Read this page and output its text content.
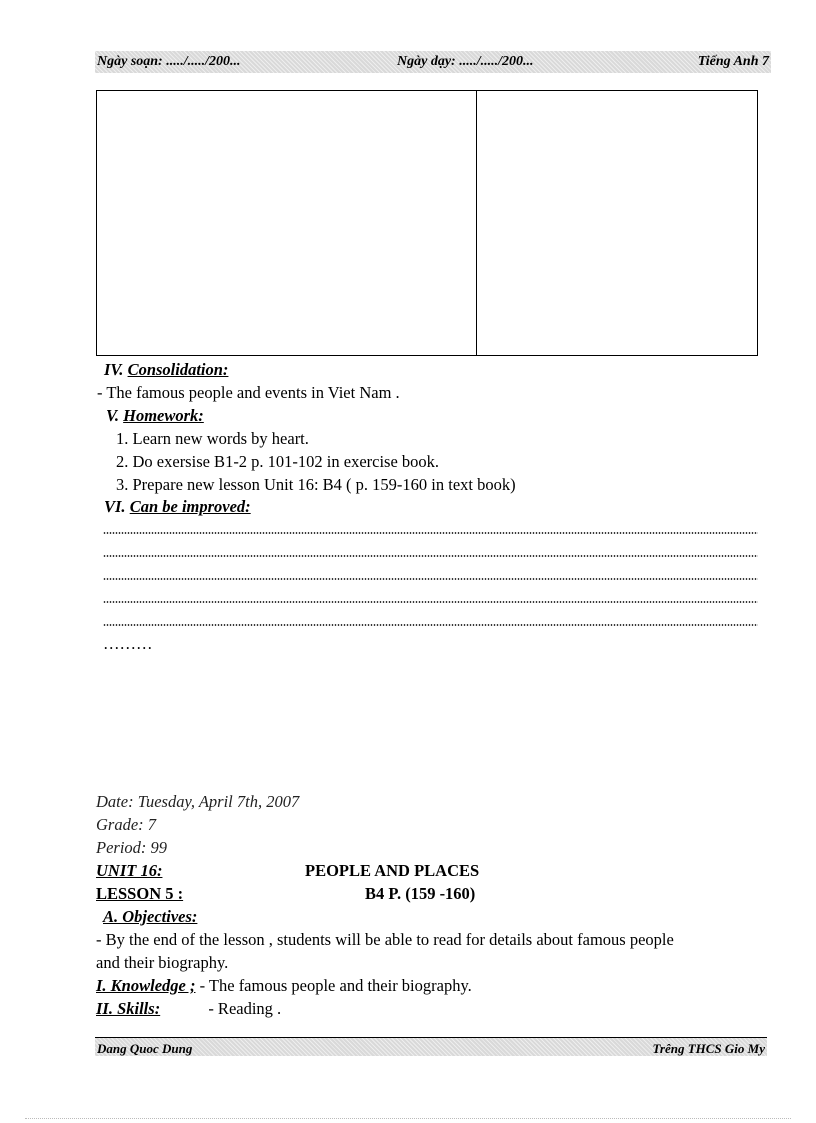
Ngày soạn: ...../...../200...	Ngày dạy: ...../...../200...	Tiếng Anh 7
IV. Consolidation:
- The famous people and events in Viet Nam .
V. Homework:
1. Learn new words by heart.
2. Do exersise B1-2 p. 101-102 in exercise book.
3. Prepare new lesson Unit 16: B4 ( p. 159-160 in text book)
VI. Can be improved:
………
Date: Tuesday, April 7th, 2007
Grade: 7
Period: 99
UNIT 16:	PEOPLE AND PLACES
LESSON 5 :	B4 P. (159 -160)
A. Objectives:
- By the end of the lesson , students will be able to read for details about famous people
and their biography.
I. Knowledge ; - The famous people and their biography.
II. Skills:	- Reading .
Dang Quoc Dung	Trêng THCS Gio My
